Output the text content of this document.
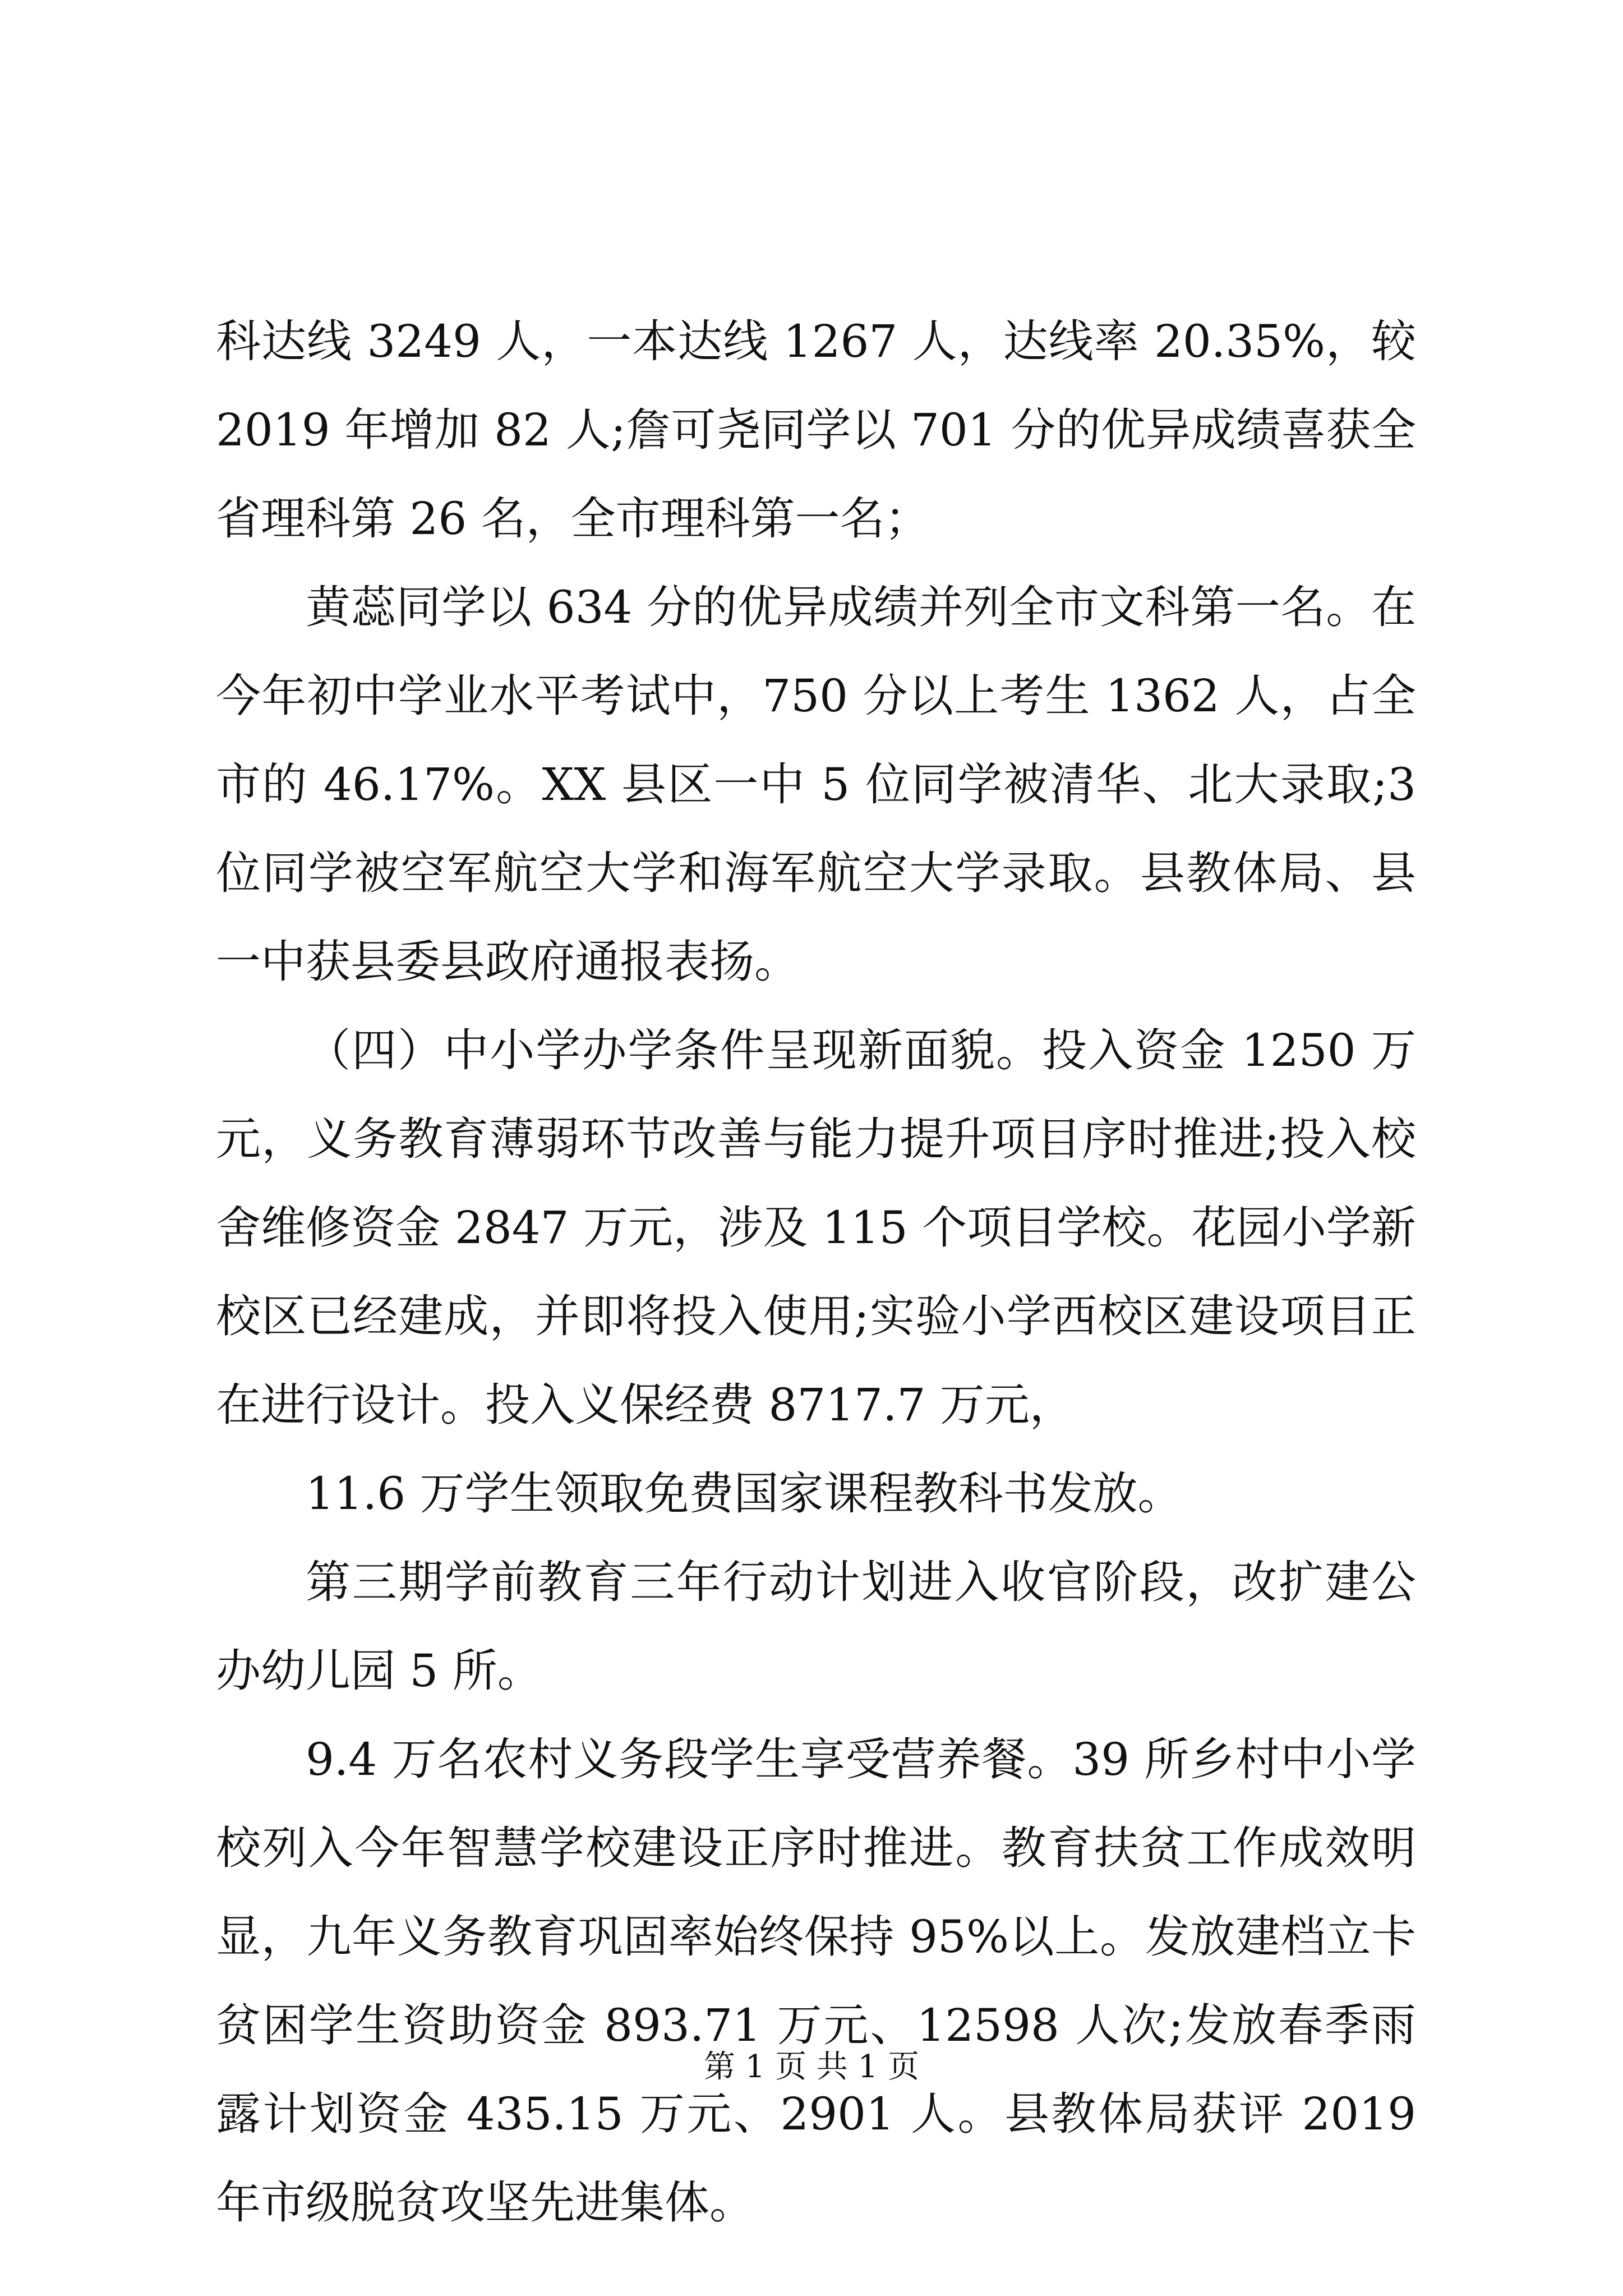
科达线 3249 人，一本达线 1267 人，达线率 20.35%，较 2019 年增加 82 人;詹可尧同学以 701 分的优异成绩喜获全省理科第 26 名，全市理科第一名；

黄蕊同学以 634 分的优异成绩并列全市文科第一名。在今年初中学业水平考试中，750 分以上考生 1362 人，占全市的 46.17%。XX 县区一中 5 位同学被清华、北大录取;3 位同学被空军航空大学和海军航空大学录取。县教体局、县一中获县委县政府通报表扬。

（四）中小学办学条件呈现新面貌。投入资金 1250 万元，义务教育薄弱环节改善与能力提升项目序时推进;投入校舍维修资金 2847 万元，涉及 115 个项目学校。花园小学新校区已经建成，并即将投入使用;实验小学西校区建设项目正在进行设计。投入义保经费 8717.7 万元，

11.6 万学生领取免费国家课程教科书发放。

第三期学前教育三年行动计划进入收官阶段，改扩建公办幼儿园 5 所。

9.4 万名农村义务段学生享受营养餐。39 所乡村中小学校列入今年智慧学校建设正序时推进。教育扶贫工作成效明显，九年义务教育巩固率始终保持 95%以上。发放建档立卡贫困学生资助资金 893.71 万元、12598 人次;发放春季雨露计划资金 435.15 万元、2901 人。县教体局获评 2019 年市级脱贫攻坚先进集体。

第 1 页 共 1 页
